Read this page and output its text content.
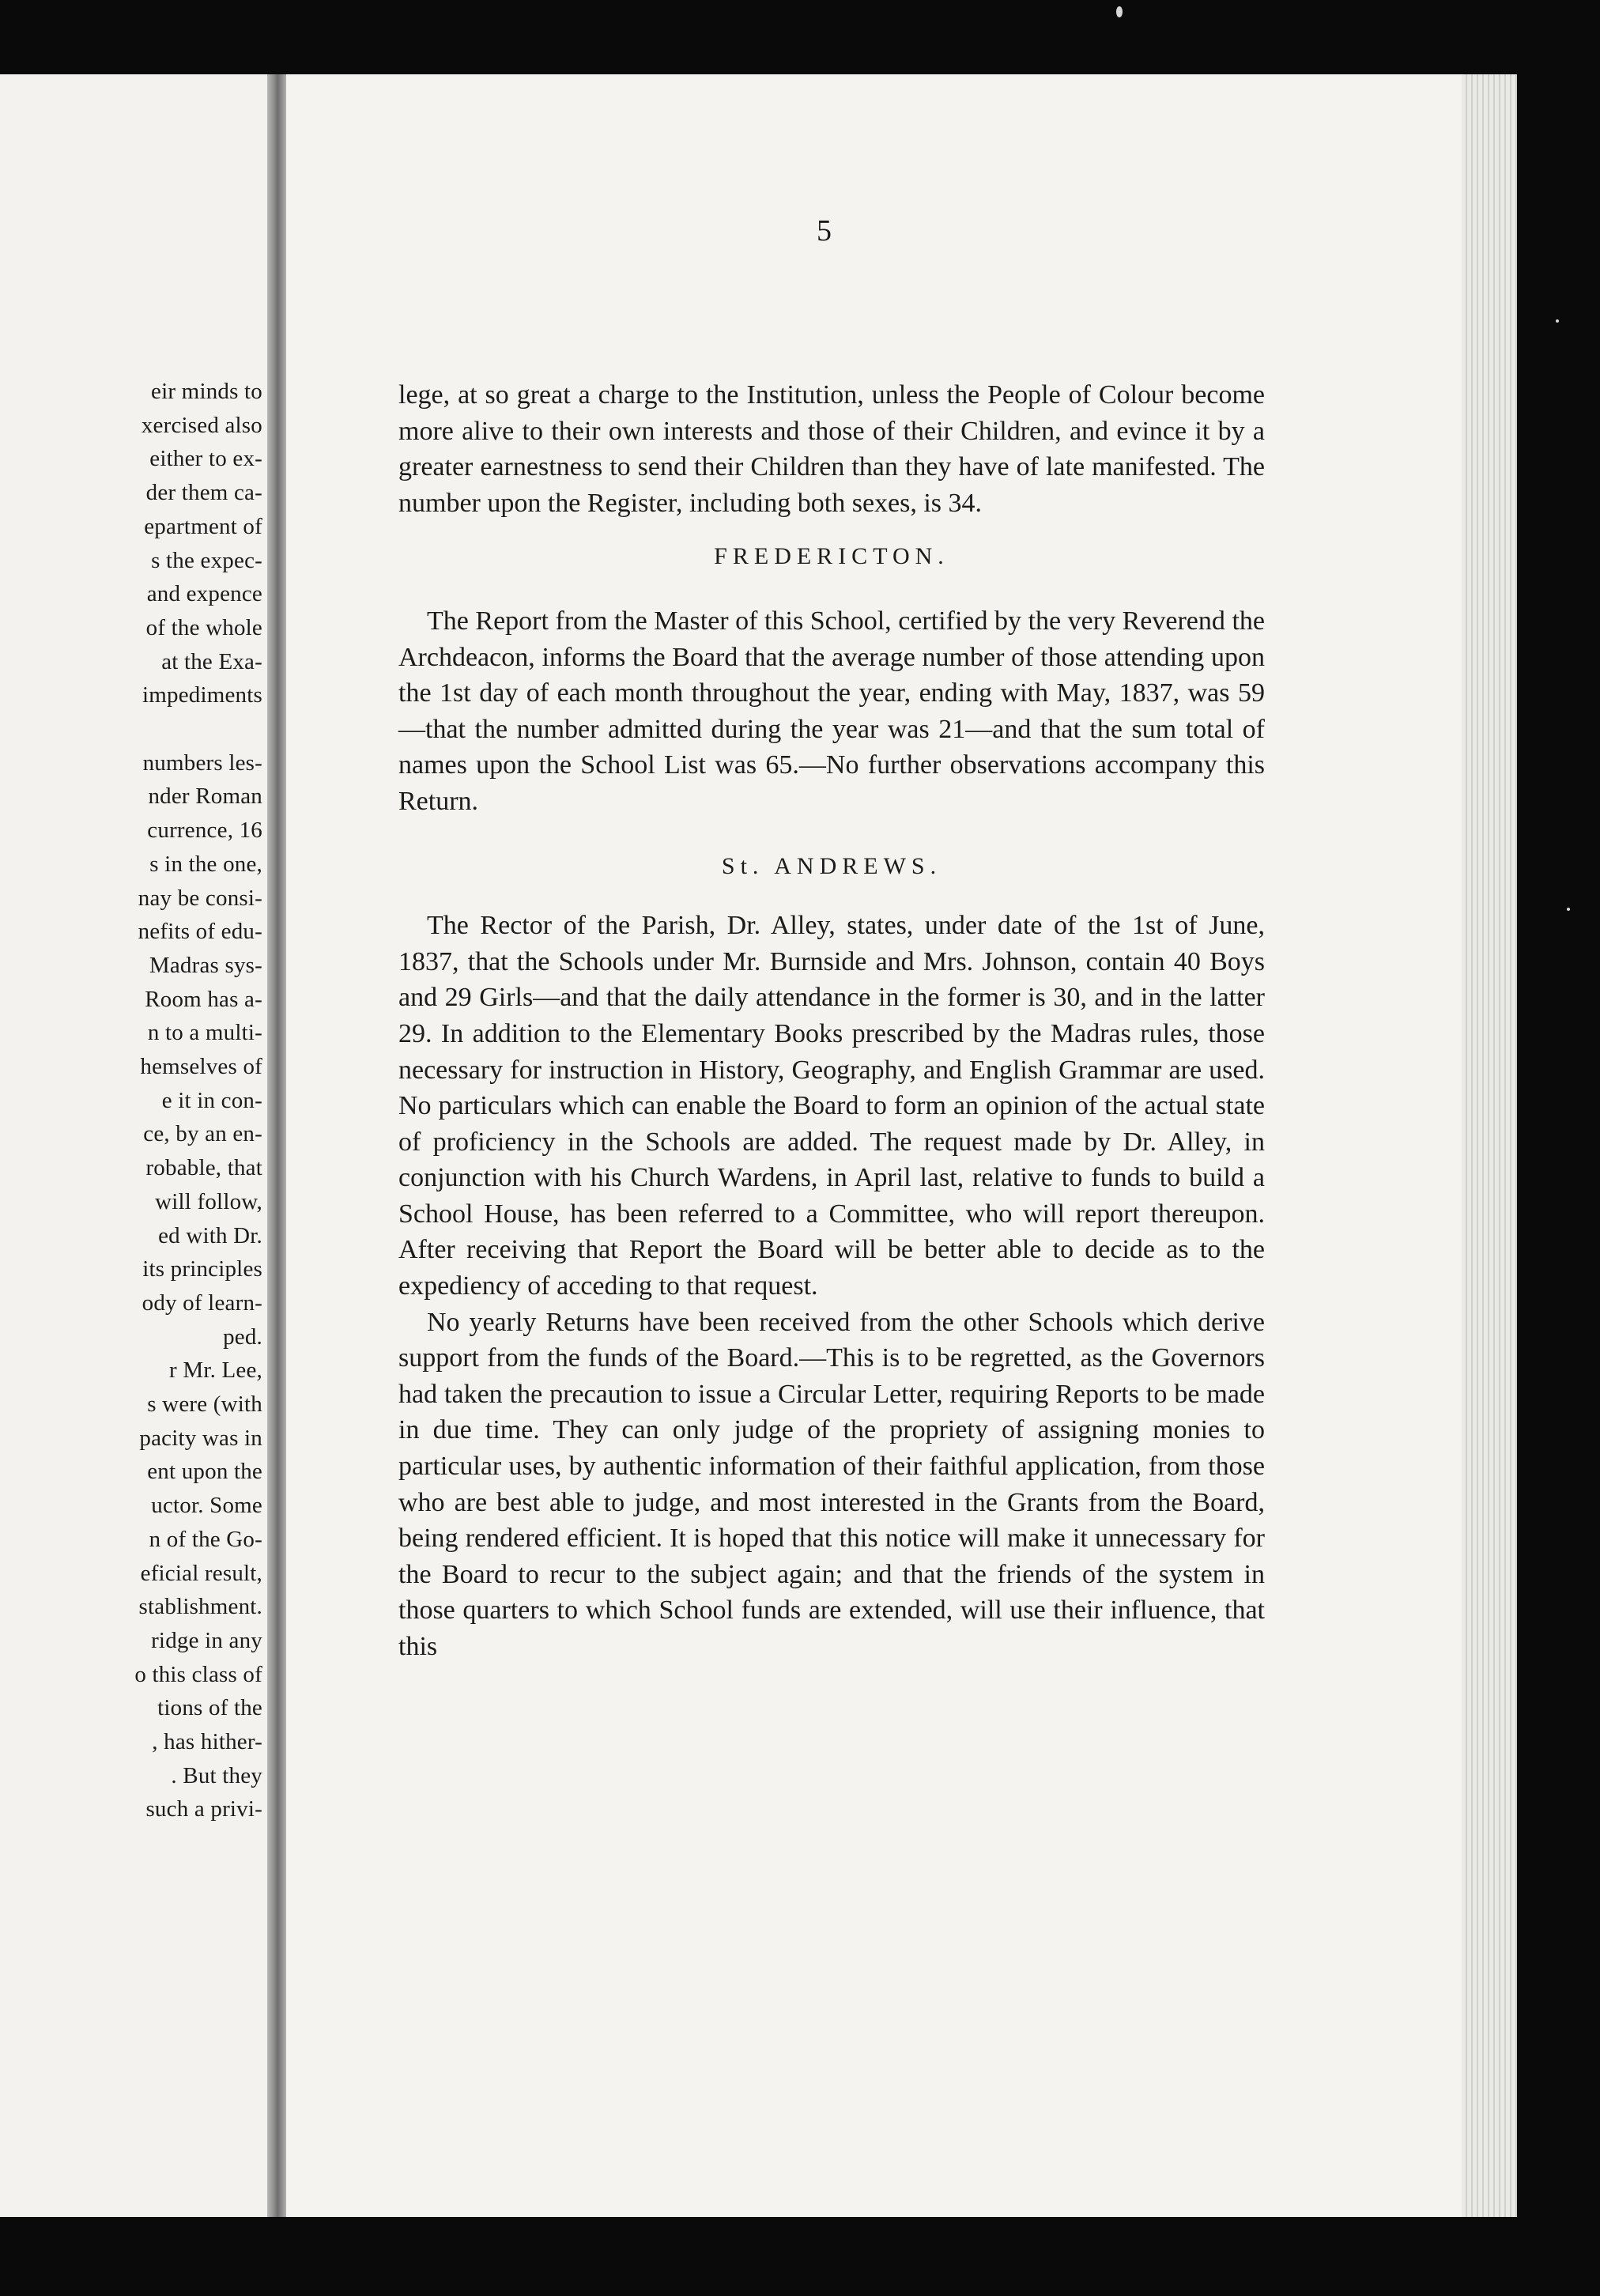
eir minds to
xercised also
either to ex-
der them ca-
epartment of
s the expec-
and expence
of the whole
at the Exa-
impediments
numbers les-
nder Roman
currence, 16
s in the one,
nay be consi-
nefits of edu-
Madras sys-
Room has a-
n to a multi-
hemselves of
e it in con-
ce, by an en-
robable, that
will follow,
ed with Dr.
its principles
ody of learn-
ped.
r Mr. Lee,
s were (with
pacity was in
ent upon the
uctor. Some
n of the Go-
eficial result,
stablishment.
ridge in any
o this class of
tions of the
, has hither-
. But they
such a privi-
5

lege, at so great a charge to the Institution, unless the People of Colour become more alive to their own interests and those of their Children, and evince it by a greater earnestness to send their Children than they have of late manifested. The number upon the Register, including both sexes, is 34.

FREDERICTON.

The Report from the Master of this School, certified by the very Reverend the Archdeacon, informs the Board that the average number of those attending upon the 1st day of each month throughout the year, ending with May, 1837, was 59—that the number admitted during the year was 21—and that the sum total of names upon the School List was 65.—No further observations accompany this Return.

St. ANDREWS.

The Rector of the Parish, Dr. Alley, states, under date of the 1st of June, 1837, that the Schools under Mr. Burnside and Mrs. Johnson, contain 40 Boys and 29 Girls—and that the daily attendance in the former is 30, and in the latter 29. In addition to the Elementary Books prescribed by the Madras rules, those necessary for instruction in History, Geography, and English Grammar are used. No particulars which can enable the Board to form an opinion of the actual state of proficiency in the Schools are added. The request made by Dr. Alley, in conjunction with his Church Wardens, in April last, relative to funds to build a School House, has been referred to a Committee, who will report thereupon. After receiving that Report the Board will be better able to decide as to the expediency of acceding to that request.

No yearly Returns have been received from the other Schools which derive support from the funds of the Board.—This is to be regretted, as the Governors had taken the precaution to issue a Circular Letter, requiring Reports to be made in due time. They can only judge of the propriety of assigning monies to particular uses, by authentic information of their faithful application, from those who are best able to judge, and most interested in the Grants from the Board, being rendered efficient. It is hoped that this notice will make it unnecessary for the Board to recur to the subject again; and that the friends of the system in those quarters to which School funds are extended, will use their influence, that this
